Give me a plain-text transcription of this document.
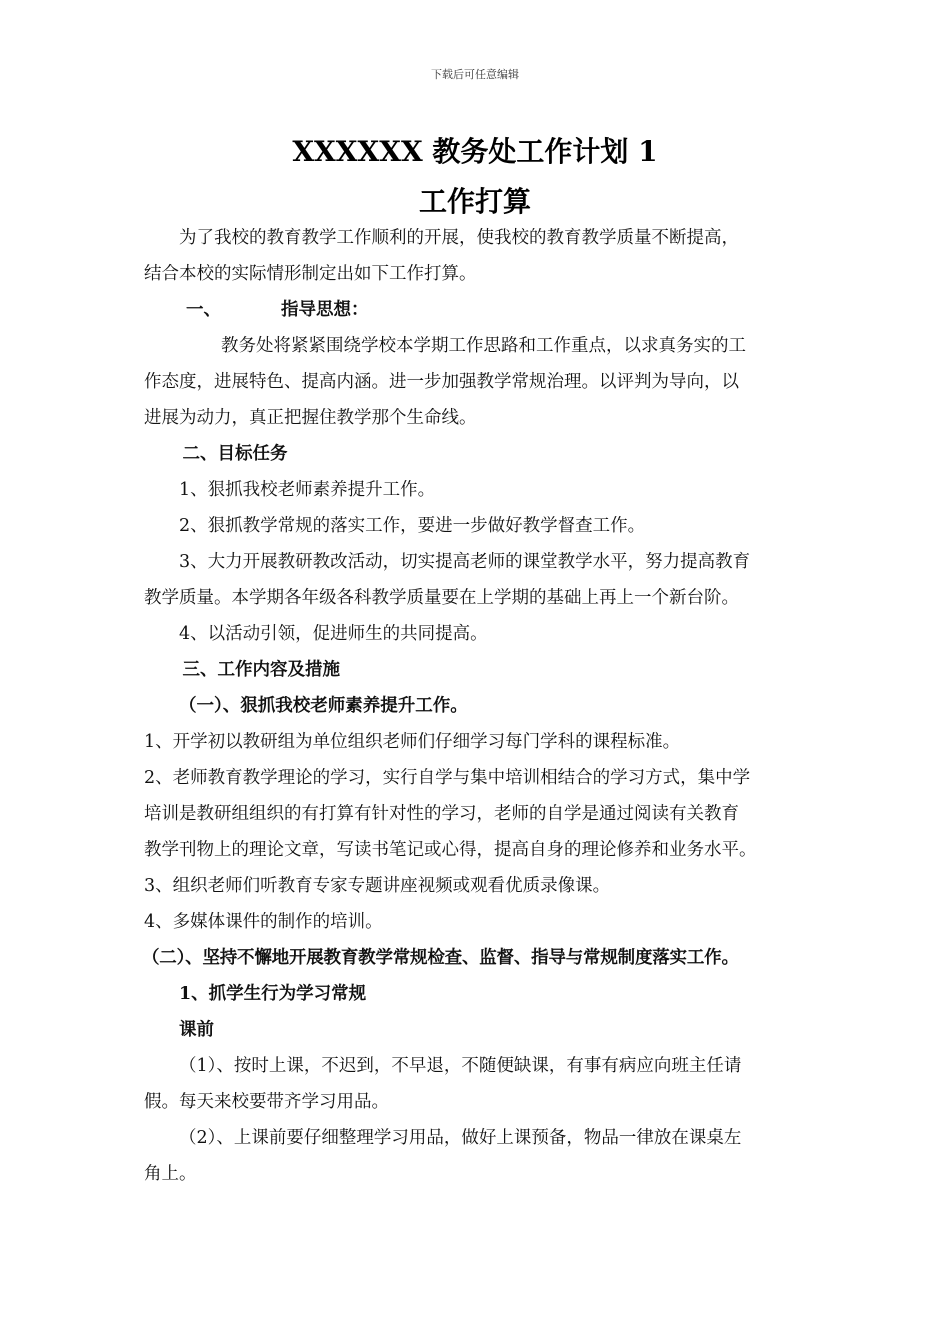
下载后可任意编辑
XXXXXX 教务处工作计划 1
工作打算

为了我校的教育教学工作顺利的开展，使我校的教育教学质量不断提高，

结合本校的实际情形制定出如下工作打算。

一、	指导思想：

教务处将紧紧围绕学校本学期工作思路和工作重点，以求真务实的工

作态度，进展特色、提高内涵。进一步加强教学常规治理。以评判为导向，以

进展为动力，真正把握住教学那个生命线。

二、目标任务

1、狠抓我校老师素养提升工作。

2、狠抓教学常规的落实工作，要进一步做好教学督查工作。

3、大力开展教研教改活动，切实提高老师的课堂教学水平，努力提高教育

教学质量。本学期各年级各科教学质量要在上学期的基础上再上一个新台阶。

4、以活动引领，促进师生的共同提高。

三、工作内容及措施

（一）、狠抓我校老师素养提升工作。

1、开学初以教研组为单位组织老师们仔细学习每门学科的课程标准。

2、老师教育教学理论的学习，实行自学与集中培训相结合的学习方式，集中学

培训是教研组组织的有打算有针对性的学习，老师的自学是通过阅读有关教育

教学刊物上的理论文章，写读书笔记或心得，提高自身的理论修养和业务水平。

3、组织老师们听教育专家专题讲座视频或观看优质录像课。

4、多媒体课件的制作的培训。

（二）、坚持不懈地开展教育教学常规检查、监督、指导与常规制度落实工作。

1、抓学生行为学习常规

课前

（1）、按时上课，不迟到，不早退，不随便缺课，有事有病应向班主任请

假。每天来校要带齐学习用品。

（2）、上课前要仔细整理学习用品，做好上课预备，物品一律放在课桌左

角上。
